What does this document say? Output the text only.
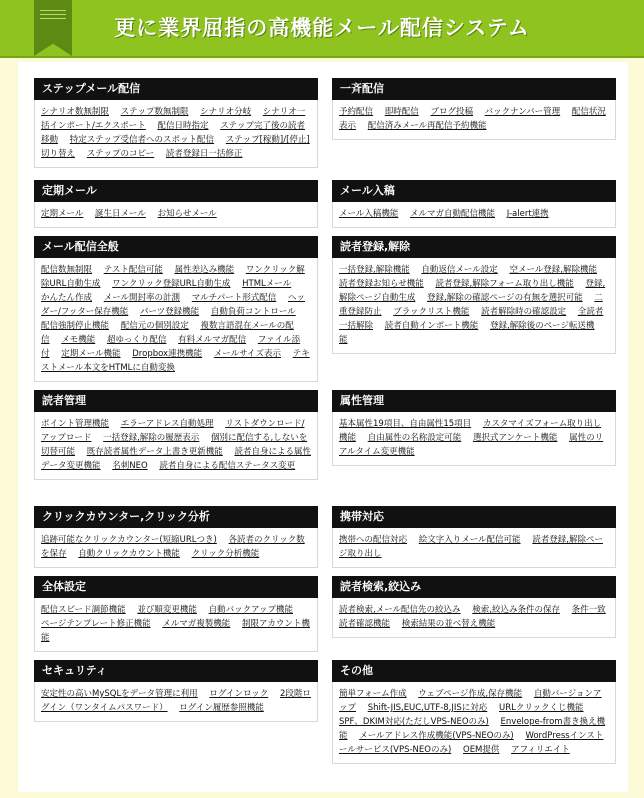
更に業界屈指の高機能メール配信システム
ステップメール配信
シナリオ数無制限 ステップ数無制限 シナリオ分岐 シナリオ一括インポート/エクスポート 配信日時指定 ステップ完了後の読者移動 特定ステップ受信者へのスポット配信 ステップ[稼動]/[停止]切り替え ステップのコピー 読者登録日一括修正
一斉配信
予約配信 即時配信 ブログ投稿 バックナンバー管理 配信状況表示 配信済みメール再配信予約機能
定期メール
定期メール 誕生日メール お知らせメール
メール入稿
メール入稿機能 メルマガ自動配信機能 J-alert連携
メール配信全般
配信数無制限 テスト配信可能 属性差込み機能 ワンクリック解除URL自動生成 ワンクリック登録URL自動生成 HTMLメール かんたん作成 メール開封率の計測 マルチパート形式配信 ヘッダー/フッター保存機能 パーツ登録機能 自動負荷コントロール 配信強制停止機能 配信元の個別設定 複数言語混在メールの配信 メモ機能 超ゆっくり配信 有料メルマガ配信 ファイル添付 定期メール機能 Dropbox連携機能 メールサイズ表示 テキストメール本文をHTMLに自動変換
読者登録,解除
一括登録,解除機能 自動返信メール設定 空メール登録,解除機能 読者登録お知らせ機能 読者登録,解除フォーム取り出し機能 登録,解除ページ自動生成 登録,解除の確認ページの有無を選択可能 二重登録防止 ブラックリスト機能 読者解除時の確認設定 全読者一括解除 読者自動インポート機能 登録,解除後のページ転送機能
読者管理
ポイント管理機能 エラーアドレス自動処理 リストダウンロード/アップロード 一括登録,解除の履歴表示 個別に配信する,しないを切替可能 既存読者属性データ上書き更新機能 読者自身による属性データ変更機能 名刺NEO 読者自身による配信ステータス変更
属性管理
基本属性19項目、自由属性15項目 カスタマイズフォーム取り出し機能 自由属性の名称設定可能 選択式アンケート機能 属性のリアルタイム変更機能
クリックカウンター,クリック分析
追跡可能なクリックカウンター(短縮URLつき) 各読者のクリック数を保存 自動クリックカウント機能 クリック分析機能
携帯対応
携帯への配信対応 絵文字入りメール配信可能 読者登録,解除ページ取り出し
全体設定
配信スピード調節機能 並び順変更機能 自動バックアップ機能 ページテンプレート修正機能 メルマガ複製機能 制限アカウント機能
読者検索,絞込み
読者検索,メール配信先の絞込み 検索,絞込み条件の保存 条件一致読者確認機能 検索結果の並べ替え機能
セキュリティ
安定性の高いMySQLをデータ管理に利用 ログインロック 2段階ログイン（ワンタイムパスワード） ログイン履歴参照機能
その他
簡単フォーム作成 ウェブページ作成,保存機能 自動バージョンアップ Shift-JIS,EUC,UTF-8,JISに対応 URLクリックくじ機能 SPF、DKIM対応(ただしVPS-NEOのみ) Envelope-from書き換え機能 メールアドレス作成機能(VPS-NEOのみ) WordPressインストールサービス(VPS-NEOのみ) OEM提供 アフィリエイト
